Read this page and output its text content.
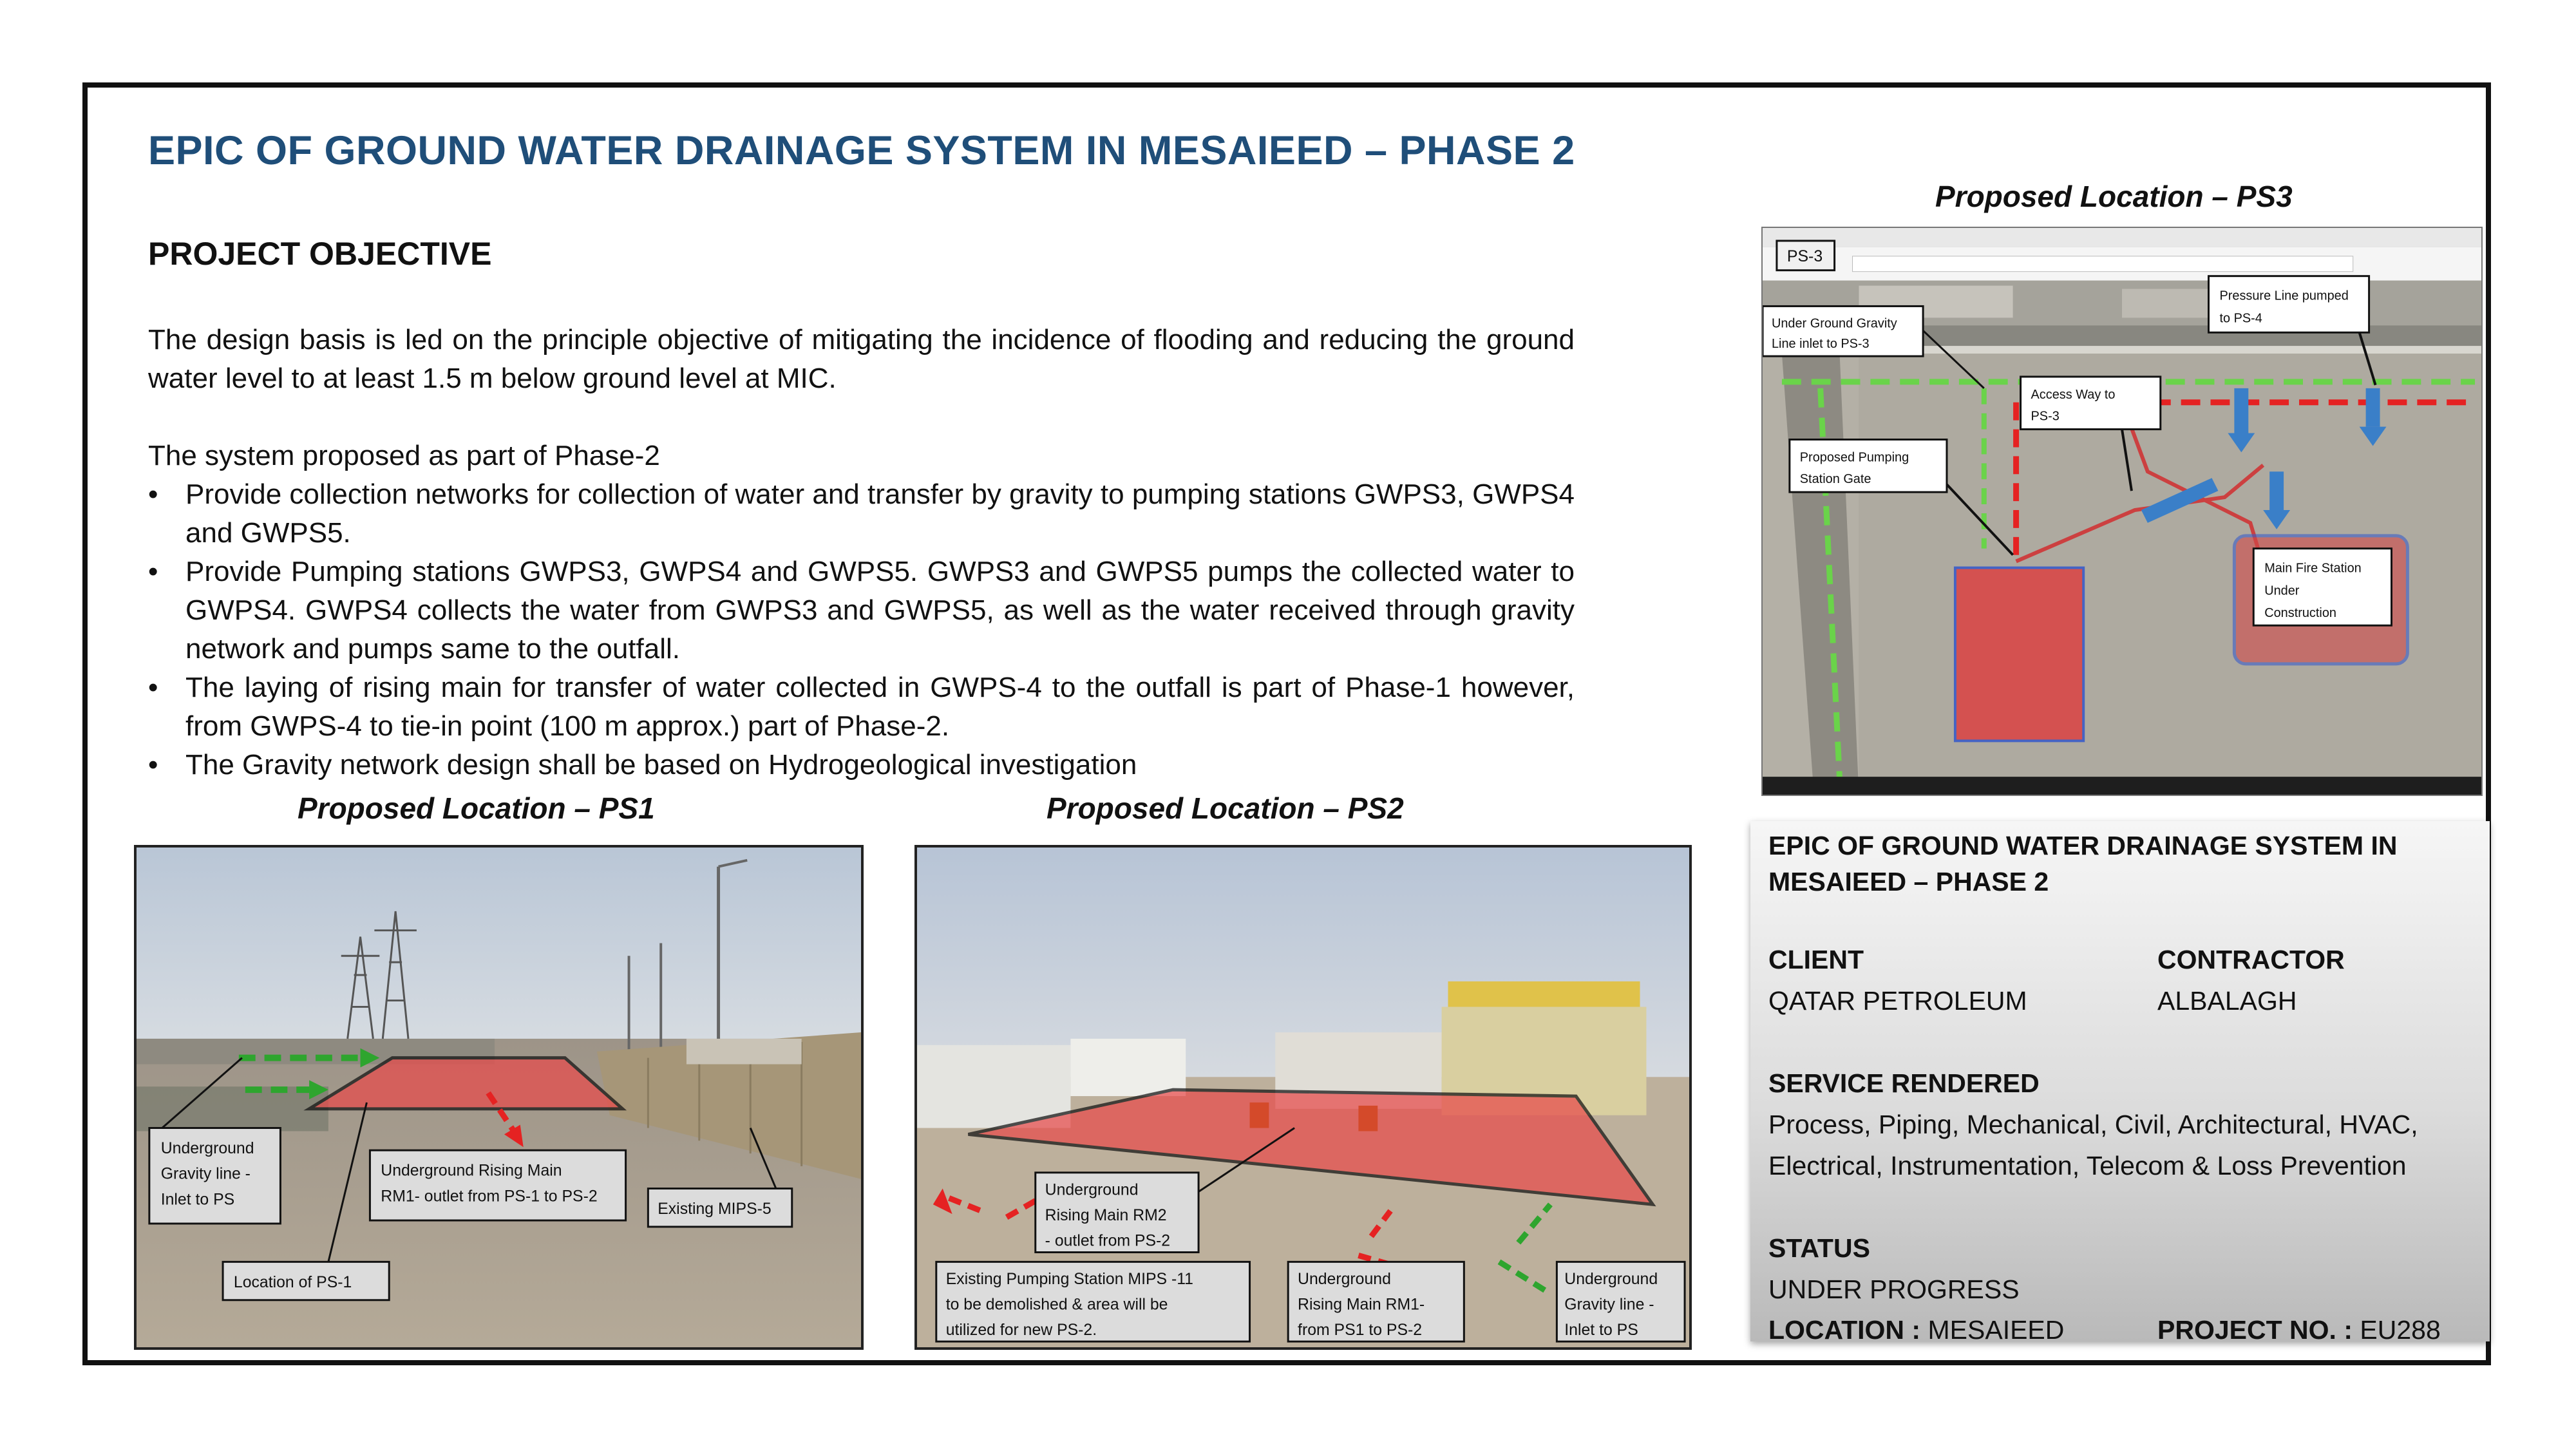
EPIC OF GROUND WATER DRAINAGE SYSTEM IN MESAIEED – PHASE 2
PROJECT OBJECTIVE
The design basis is led on the principle objective of mitigating the incidence of flooding and reducing the ground water level to at least 1.5 m below ground level at MIC.
The system proposed as part of Phase-2
• Provide collection networks for collection of water and transfer by gravity to pumping stations GWPS3, GWPS4 and GWPS5.
• Provide Pumping stations GWPS3, GWPS4 and GWPS5. GWPS3 and GWPS5 pumps the collected water to GWPS4. GWPS4 collects the water from GWPS3 and GWPS5, as well as the water received through gravity network and pumps same to the outfall.
• The laying of rising main for transfer of water collected in GWPS-4 to the outfall is part of Phase-1 however, from GWPS-4 to tie-in point (100 m approx.) part of Phase-2.
• The Gravity network design shall be based on Hydrogeological investigation
Proposed Location – PS1	Proposed Location – PS2
Proposed Location – PS3
Underground
Gravity line -
Inlet to PS
Underground Rising Main
RM1- outlet from PS-1 to PS-2
Existing MIPS-5
Location of PS-1
Underground
Rising Main RM2
- outlet from PS-2
Existing Pumping Station MIPS -11
to be demolished & area will be
utilized for new PS-2.
Underground
Rising Main RM1-
from PS1 to PS-2
Underground
Gravity line -
Inlet to PS
PS-3
Under Ground Gravity
Line inlet to PS-3
Pressure Line pumped
to PS-4
Access Way to
PS-3
Proposed Pumping
Station Gate
Main Fire Station
Under
Construction
EPIC OF GROUND WATER DRAINAGE SYSTEM IN
MESAIEED – PHASE 2
CLIENT
QATAR PETROLEUM
CONTRACTOR
ALBALAGH
SERVICE RENDERED
Process, Piping, Mechanical, Civil, Architectural, HVAC,
Electrical, Instrumentation, Telecom & Loss Prevention
STATUS
UNDER PROGRESS
LOCATION : MESAIEED	PROJECT NO. : EU288
